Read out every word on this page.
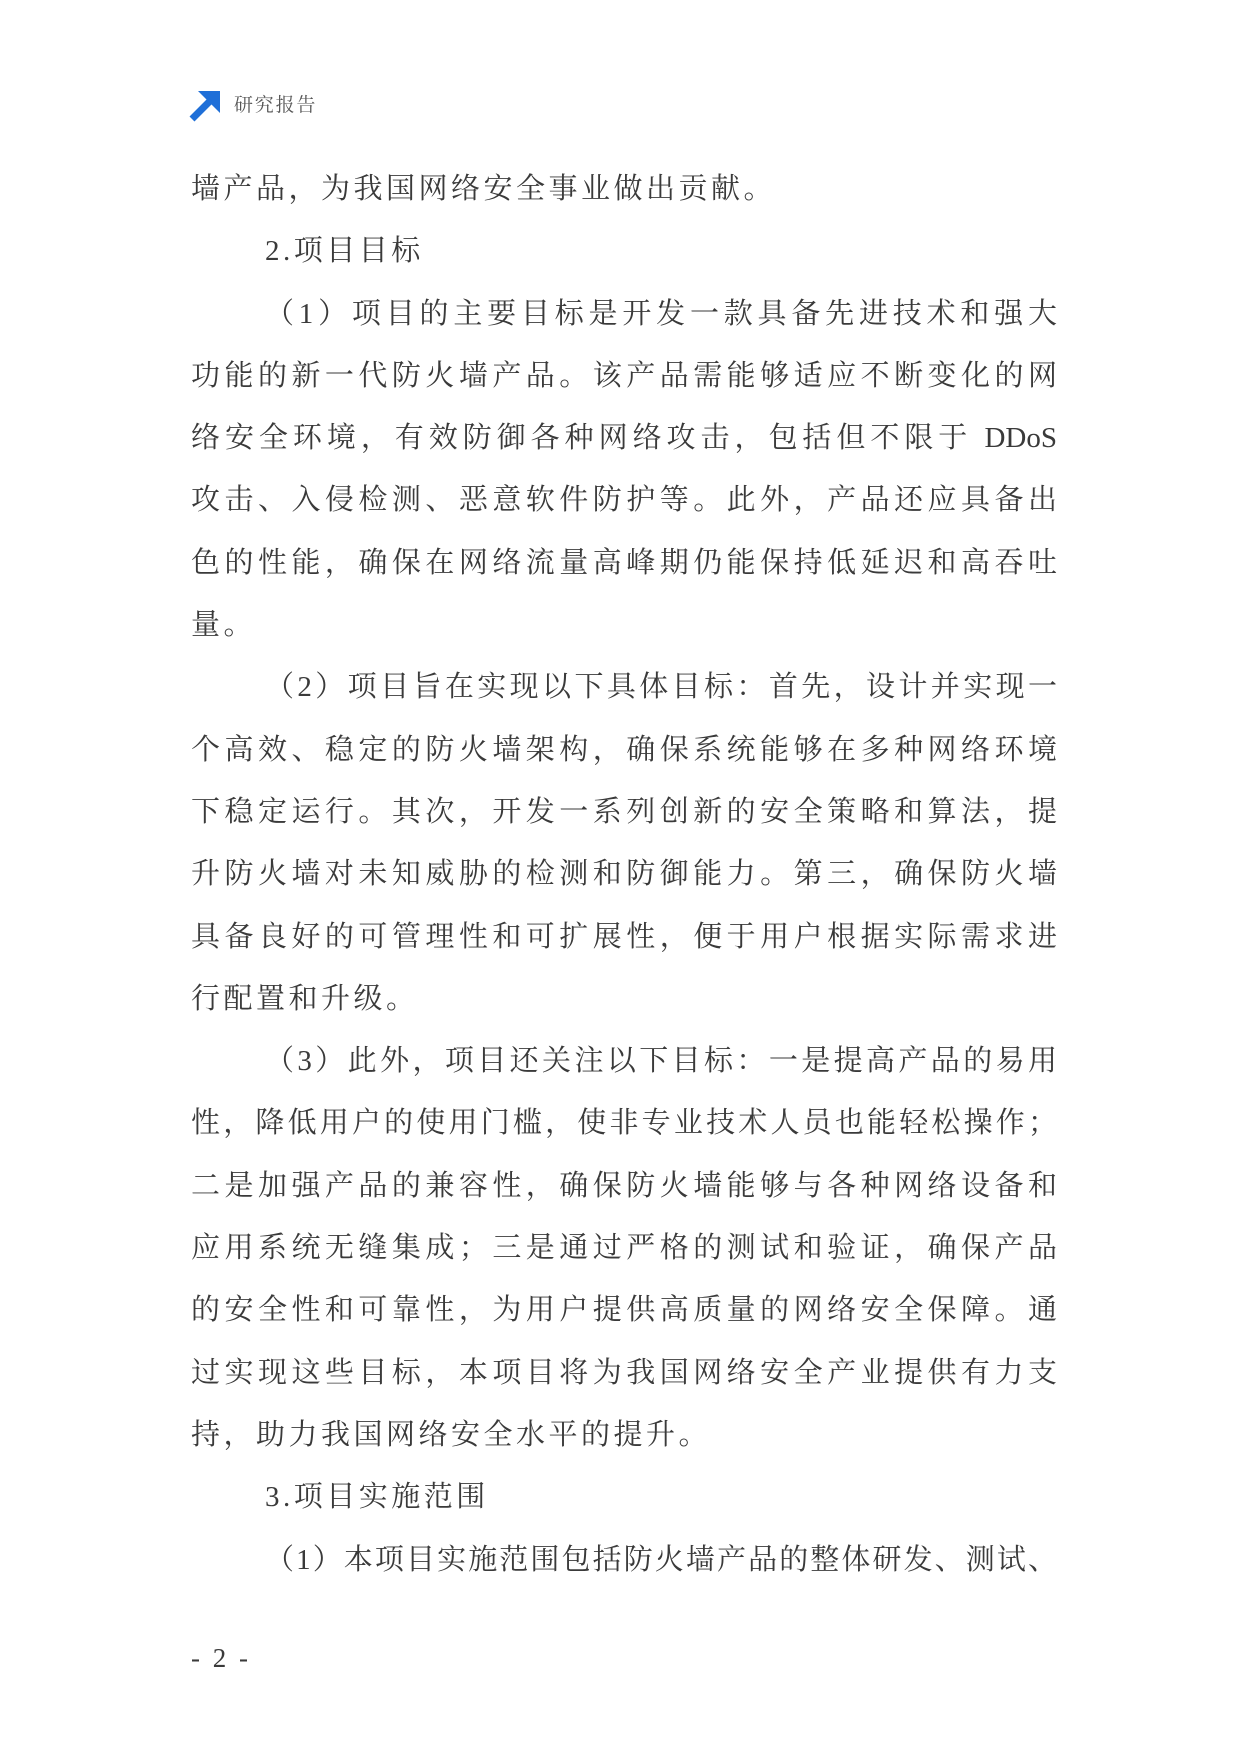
研究报告
墙产品，为我国网络安全事业做出贡献。
2.项目目标
（1）项目的主要目标是开发一款具备先进技术和强大
功能的新一代防火墙产品。该产品需能够适应不断变化的网
络安全环境，有效防御各种网络攻击，包括但不限于 DDoS
攻击、入侵检测、恶意软件防护等。此外，产品还应具备出
色的性能，确保在网络流量高峰期仍能保持低延迟和高吞吐
量。
（2）项目旨在实现以下具体目标：首先，设计并实现一
个高效、稳定的防火墙架构，确保系统能够在多种网络环境
下稳定运行。其次，开发一系列创新的安全策略和算法，提
升防火墙对未知威胁的检测和防御能力。第三，确保防火墙
具备良好的可管理性和可扩展性，便于用户根据实际需求进
行配置和升级。
（3）此外，项目还关注以下目标：一是提高产品的易用
性，降低用户的使用门槛，使非专业技术人员也能轻松操作；
二是加强产品的兼容性，确保防火墙能够与各种网络设备和
应用系统无缝集成；三是通过严格的测试和验证，确保产品
的安全性和可靠性，为用户提供高质量的网络安全保障。通
过实现这些目标，本项目将为我国网络安全产业提供有力支
持，助力我国网络安全水平的提升。
3.项目实施范围
（1）本项目实施范围包括防火墙产品的整体研发、测试、
- 2 -
